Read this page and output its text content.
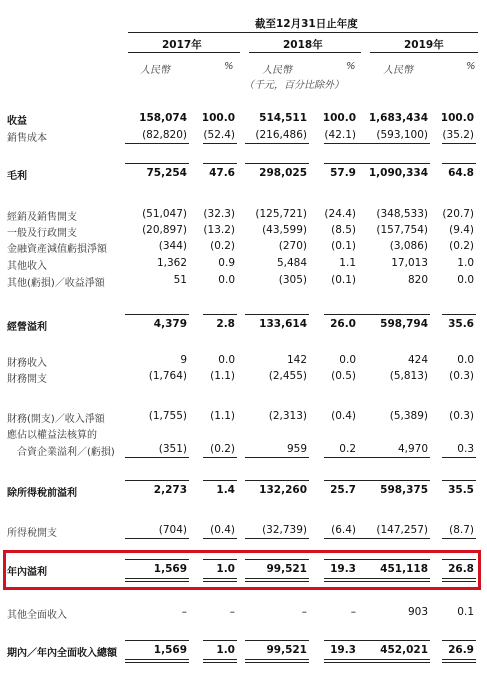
截至12月31日止年度
2017年	2018年	2019年
人民幣	%	人民幣	%	人民幣	%
（千元，百分比除外）
收益	158,074	100.0	514,511	100.0	1,683,434	100.0
銷售成本	(82,820)	(52.4)	(216,486)	(42.1)	(593,100)	(35.2)
毛利	75,254	47.6	298,025	57.9	1,090,334	64.8
經銷及銷售開支	(51,047)	(32.3)	(125,721)	(24.4)	(348,533)	(20.7)
一般及行政開支	(20,897)	(13.2)	(43,599)	(8.5)	(157,754)	(9.4)
金融資產減值虧損淨額	(344)	(0.2)	(270)	(0.1)	(3,086)	(0.2)
其他收入	1,362	0.9	5,484	1.1	17,013	1.0
其他(虧損)／收益淨額	51	0.0	(305)	(0.1)	820	0.0
經營溢利	4,379	2.8	133,614	26.0	598,794	35.6
財務收入	9	0.0	142	0.0	424	0.0
財務開支	(1,764)	(1.1)	(2,455)	(0.5)	(5,813)	(0.3)
財務(開支)／收入淨額	(1,755)	(1.1)	(2,313)	(0.4)	(5,389)	(0.3)
應佔以權益法核算的
合資企業溢利／(虧損)	(351)	(0.2)	959	0.2	4,970	0.3
除所得稅前溢利	2,273	1.4	132,260	25.7	598,375	35.5
所得稅開支	(704)	(0.4)	(32,739)	(6.4)	(147,257)	(8.7)
年內溢利	1,569	1.0	99,521	19.3	451,118	26.8
其他全面收入	–	–	–	–	903	0.1
期內／年內全面收入總額	1,569	1.0	99,521	19.3	452,021	26.9
